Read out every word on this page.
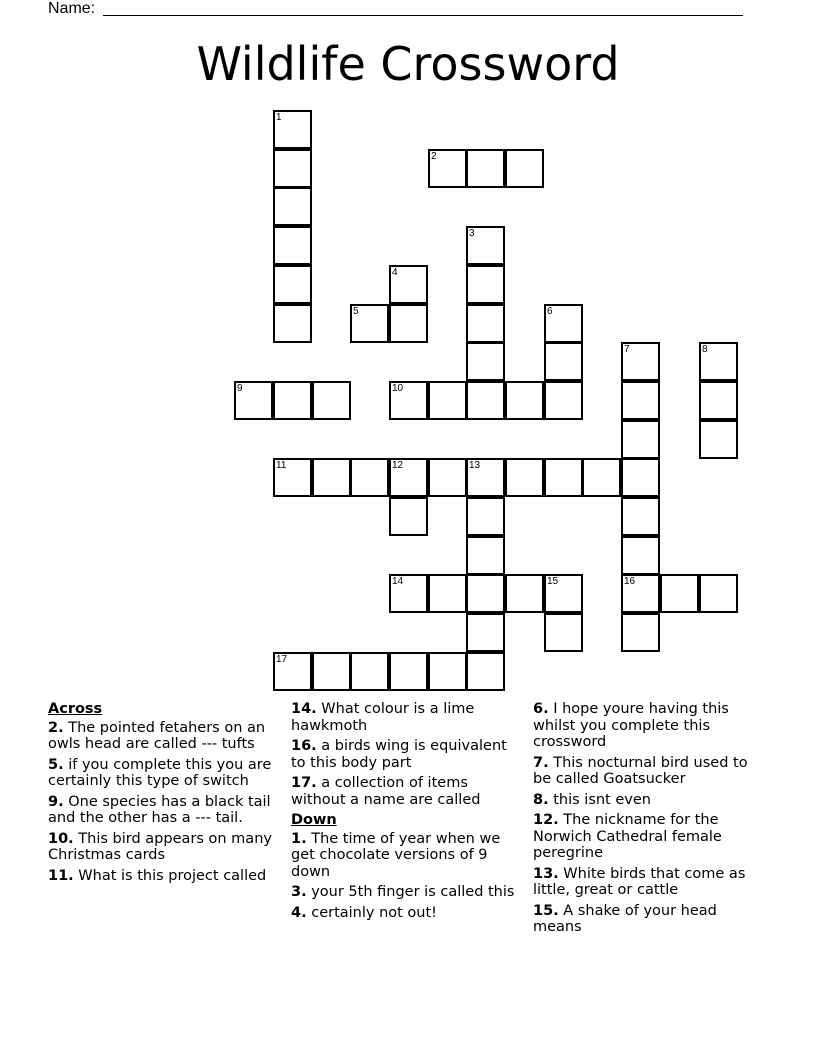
Name:
Wildlife Crossword
1
2
3
4
5	6
7	8
9	10
11	12	13
14	15	16
17
Across
2. The pointed fetahers on an owls head are called --- tufts
5. if you complete this you are certainly this type of switch
9. One species has a black tail and the other has a --- tail.
10. This bird appears on many Christmas cards
11. What is this project called
14. What colour is a lime hawkmoth
16. a birds wing is equivalent to this body part
17. a collection of items without a name are called
Down
1. The time of year when we get chocolate versions of 9 down
3. your 5th finger is called this
4. certainly not out!
6. I hope youre having this whilst you complete this crossword
7. This nocturnal bird used to be called Goatsucker
8. this isnt even
12. The nickname for the Norwich Cathedral female peregrine
13. White birds that come as little, great or cattle
15. A shake of your head means
